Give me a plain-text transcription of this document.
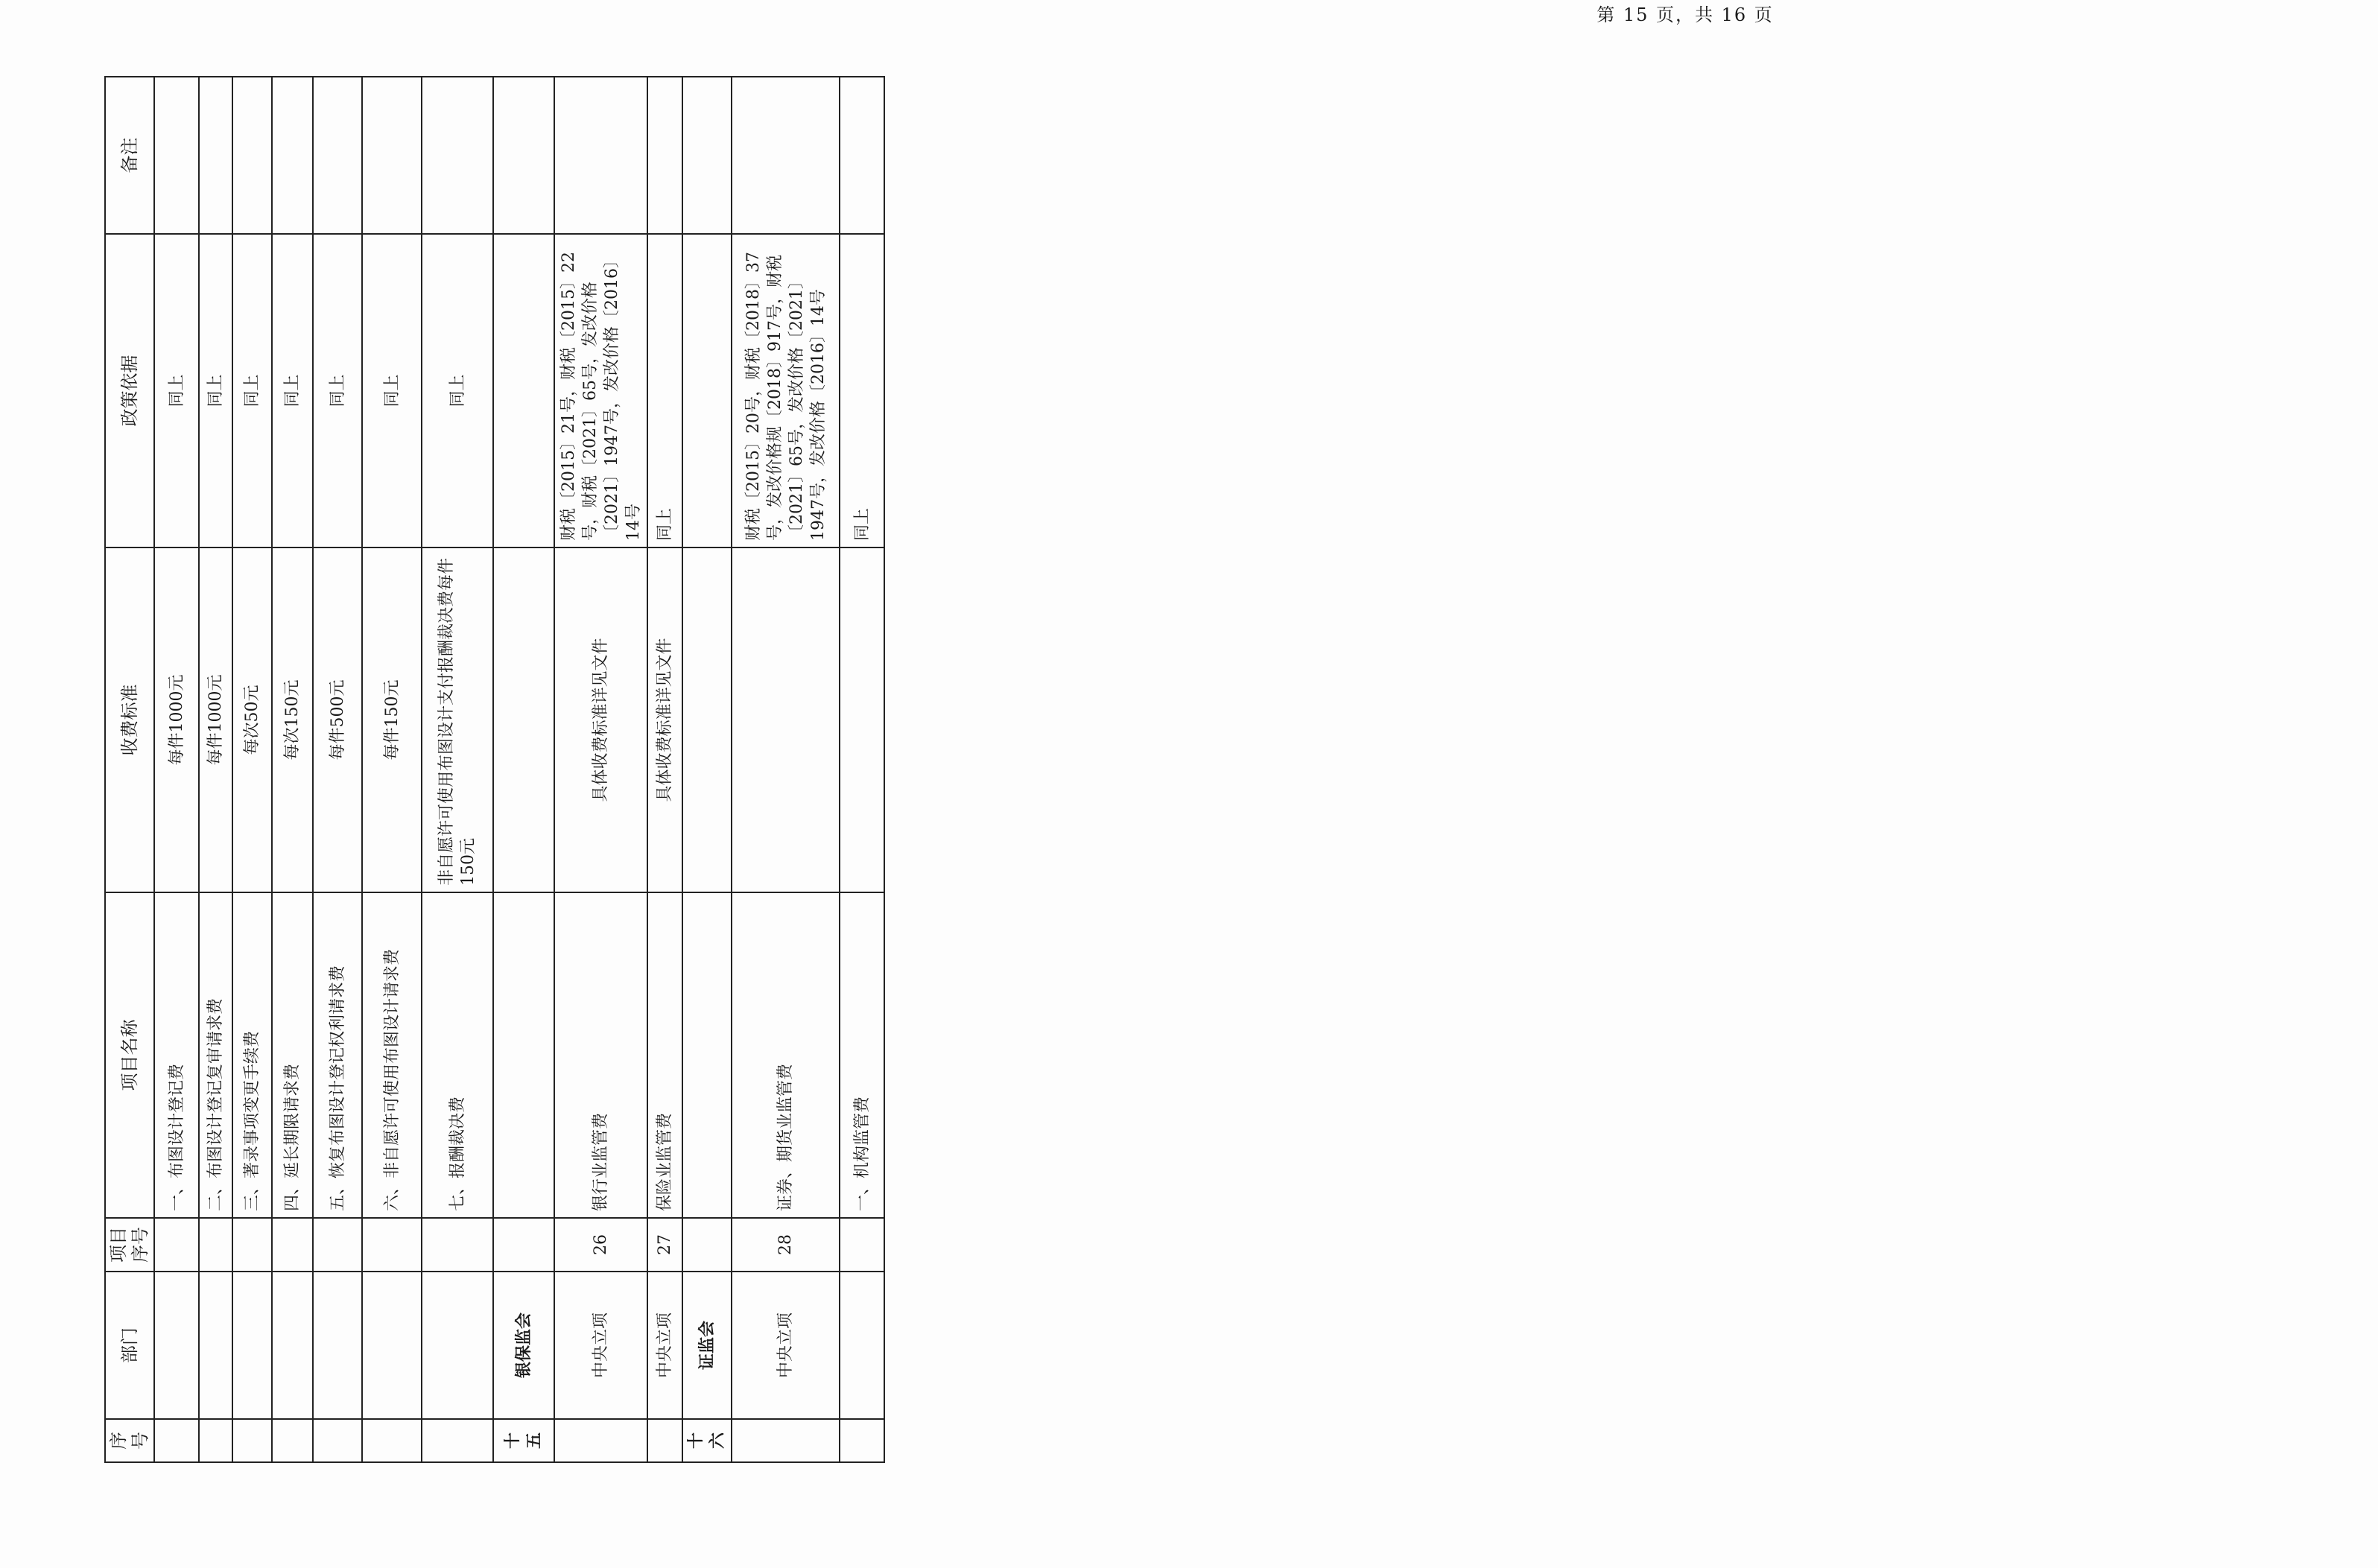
序号	部门	项目序号	项目名称	收费标准	政策依据	备注
			一、布图设计登记费	每件1000元	同上	
			二、布图设计登记复审请求费	每件1000元	同上	
			三、著录事项变更手续费	每次50元	同上	
			四、延长期限请求费	每次150元	同上	
			五、恢复布图设计登记权利请求费	每件500元	同上	
			六、非自愿许可使用布图设计请求费	每件150元	同上	
			七、报酬裁决费	非自愿许可使用布图设计支付报酬裁决费每件150元	同上	
十五	银保监会					
	中央立项	26	银行业监管费	具体收费标准详见文件	财税〔2015〕21号，财税〔2015〕22号，财税〔2021〕65号，发改价格〔2021〕1947号，发改价格〔2016〕14号	
	中央立项	27	保险业监管费	具体收费标准详见文件	同上	
十六	证监会					
	中央立项	28	证券、期货业监管费		财税〔2015〕20号，财税〔2018〕37号，发改价格规〔2018〕917号，财税〔2021〕65号，发改价格〔2021〕1947号，发改价格〔2016〕14号	
			一、机构监管费		同上	
第 15 页，共 16 页
